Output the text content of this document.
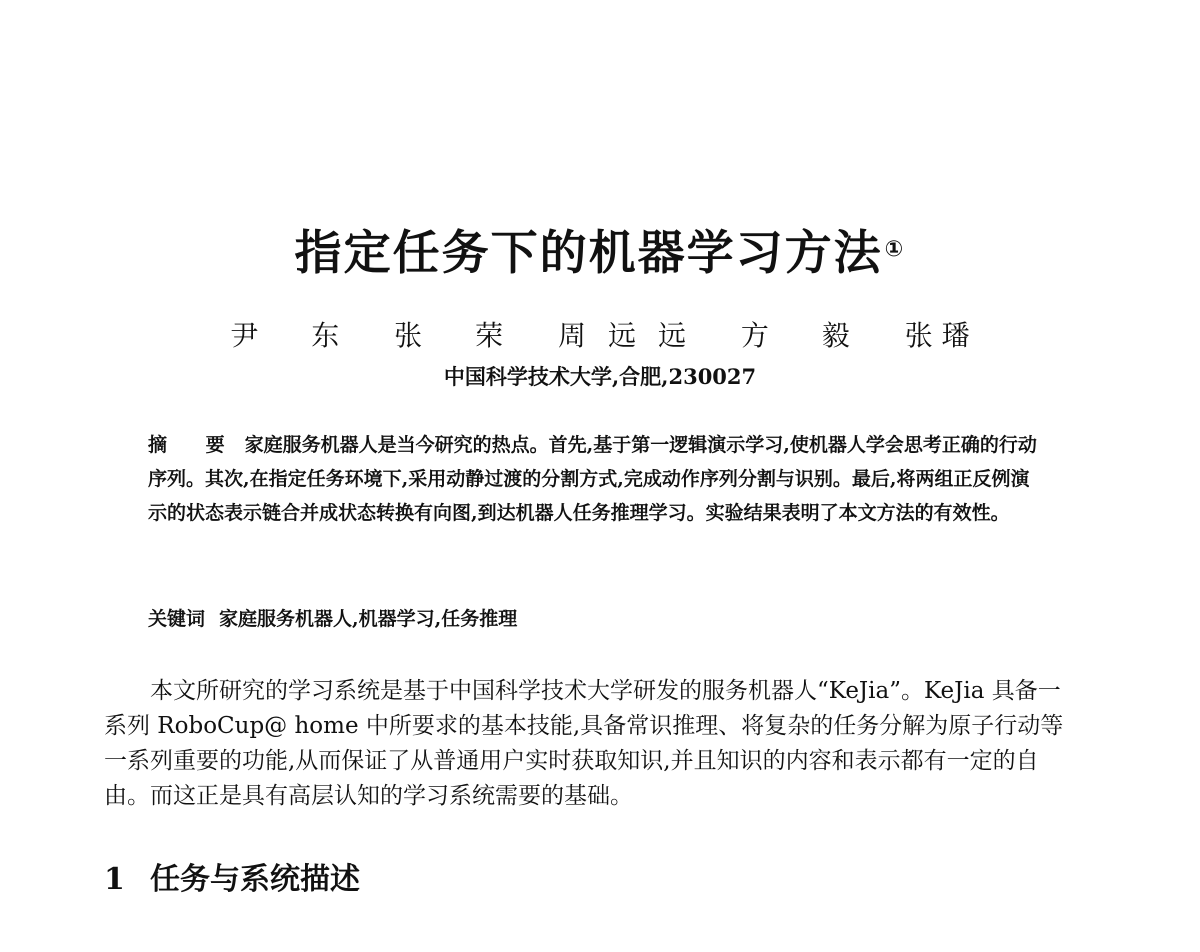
指定任务下的机器学习方法①
尹 东 张 荣 周远远 方 毅 张 璠
中国科学技术大学,合肥,230027
摘 要 家庭服务机器人是当今研究的热点。首先,基于第一逻辑演示学习,使机器人学会思考正确的行动序列。其次,在指定任务环境下,采用动静过渡的分割方式,完成动作序列分割与识别。最后,将两组正反例演示的状态表示链合并成状态转换有向图,到达机器人任务推理学习。实验结果表明了本文方法的有效性。
关键词 家庭服务机器人,机器学习,任务推理
本文所研究的学习系统是基于中国科学技术大学研发的服务机器人“KeJia”。KeJia 具备一系列 RoboCup@ home 中所要求的基本技能,具备常识推理、将复杂的任务分解为原子行动等一系列重要的功能,从而保证了从普通用户实时获取知识,并且知识的内容和表示都有一定的自由。而这正是具有高层认知的学习系统需要的基础。
1 任务与系统描述
